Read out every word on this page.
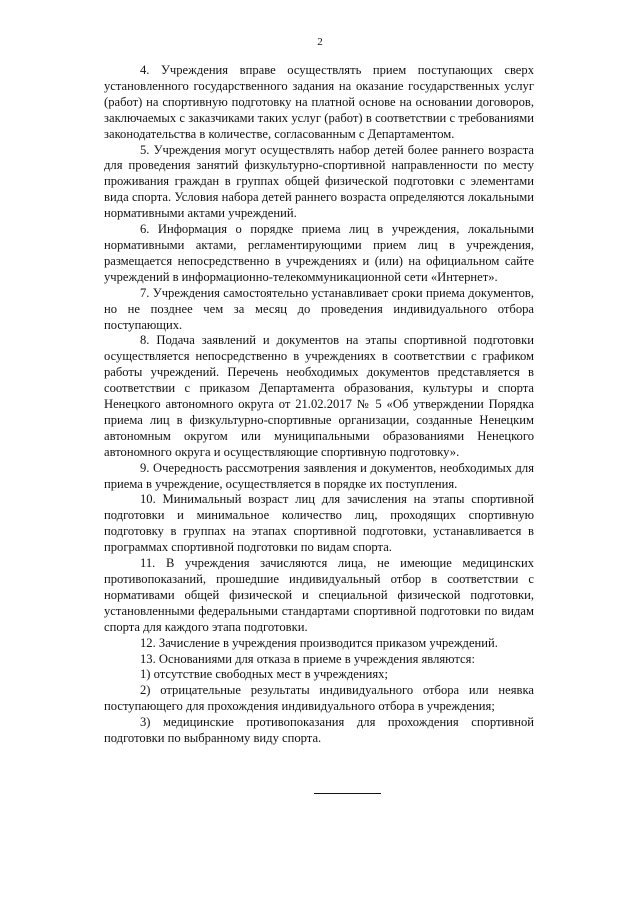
2

4. Учреждения вправе осуществлять прием поступающих сверх установленного государственного задания на оказание государственных услуг (работ) на спортивную подготовку на платной основе на основании договоров, заключаемых с заказчиками таких услуг (работ) в соответствии с требованиями законодательства в количестве, согласованным с Департаментом.

5. Учреждения могут осуществлять набор детей более раннего возраста для проведения занятий физкультурно-спортивной направленности по месту проживания граждан в группах общей физической подготовки с элементами вида спорта. Условия набора детей раннего возраста определяются локальными нормативными актами учреждений.

6. Информация о порядке приема лиц в учреждения, локальными нормативными актами, регламентирующими прием лиц в учреждения, размещается непосредственно в учреждениях и (или) на официальном сайте учреждений в информационно-телекоммуникационной сети «Интернет».

7. Учреждения самостоятельно устанавливает сроки приема документов, но не позднее чем за месяц до проведения индивидуального отбора поступающих.

8. Подача заявлений и документов на этапы спортивной подготовки осуществляется непосредственно в учреждениях в соответствии с графиком работы учреждений. Перечень необходимых документов представляется в соответствии с приказом Департамента образования, культуры и спорта Ненецкого автономного округа от 21.02.2017 № 5 «Об утверждении Порядка приема лиц в физкультурно-спортивные организации, созданные Ненецким автономным округом или муниципальными образованиями Ненецкого автономного округа и осуществляющие спортивную подготовку».

9. Очередность рассмотрения заявления и документов, необходимых для приема в учреждение, осуществляется в порядке их поступления.

10. Минимальный возраст лиц для зачисления на этапы спортивной подготовки и минимальное количество лиц, проходящих спортивную подготовку в группах на этапах спортивной подготовки, устанавливается в программах спортивной подготовки по видам спорта.

11. В учреждения зачисляются лица, не имеющие медицинских противопоказаний, прошедшие индивидуальный отбор в соответствии с нормативами общей физической и специальной физической подготовки, установленными федеральными стандартами спортивной подготовки по видам спорта для каждого этапа подготовки.

12. Зачисление в учреждения производится приказом учреждений.

13. Основаниями для отказа в приеме в учреждения являются:

1) отсутствие свободных мест в учреждениях;

2) отрицательные результаты индивидуального отбора или неявка поступающего для прохождения индивидуального отбора в учреждения;

3) медицинские противопоказания для прохождения спортивной подготовки по выбранному виду спорта.
